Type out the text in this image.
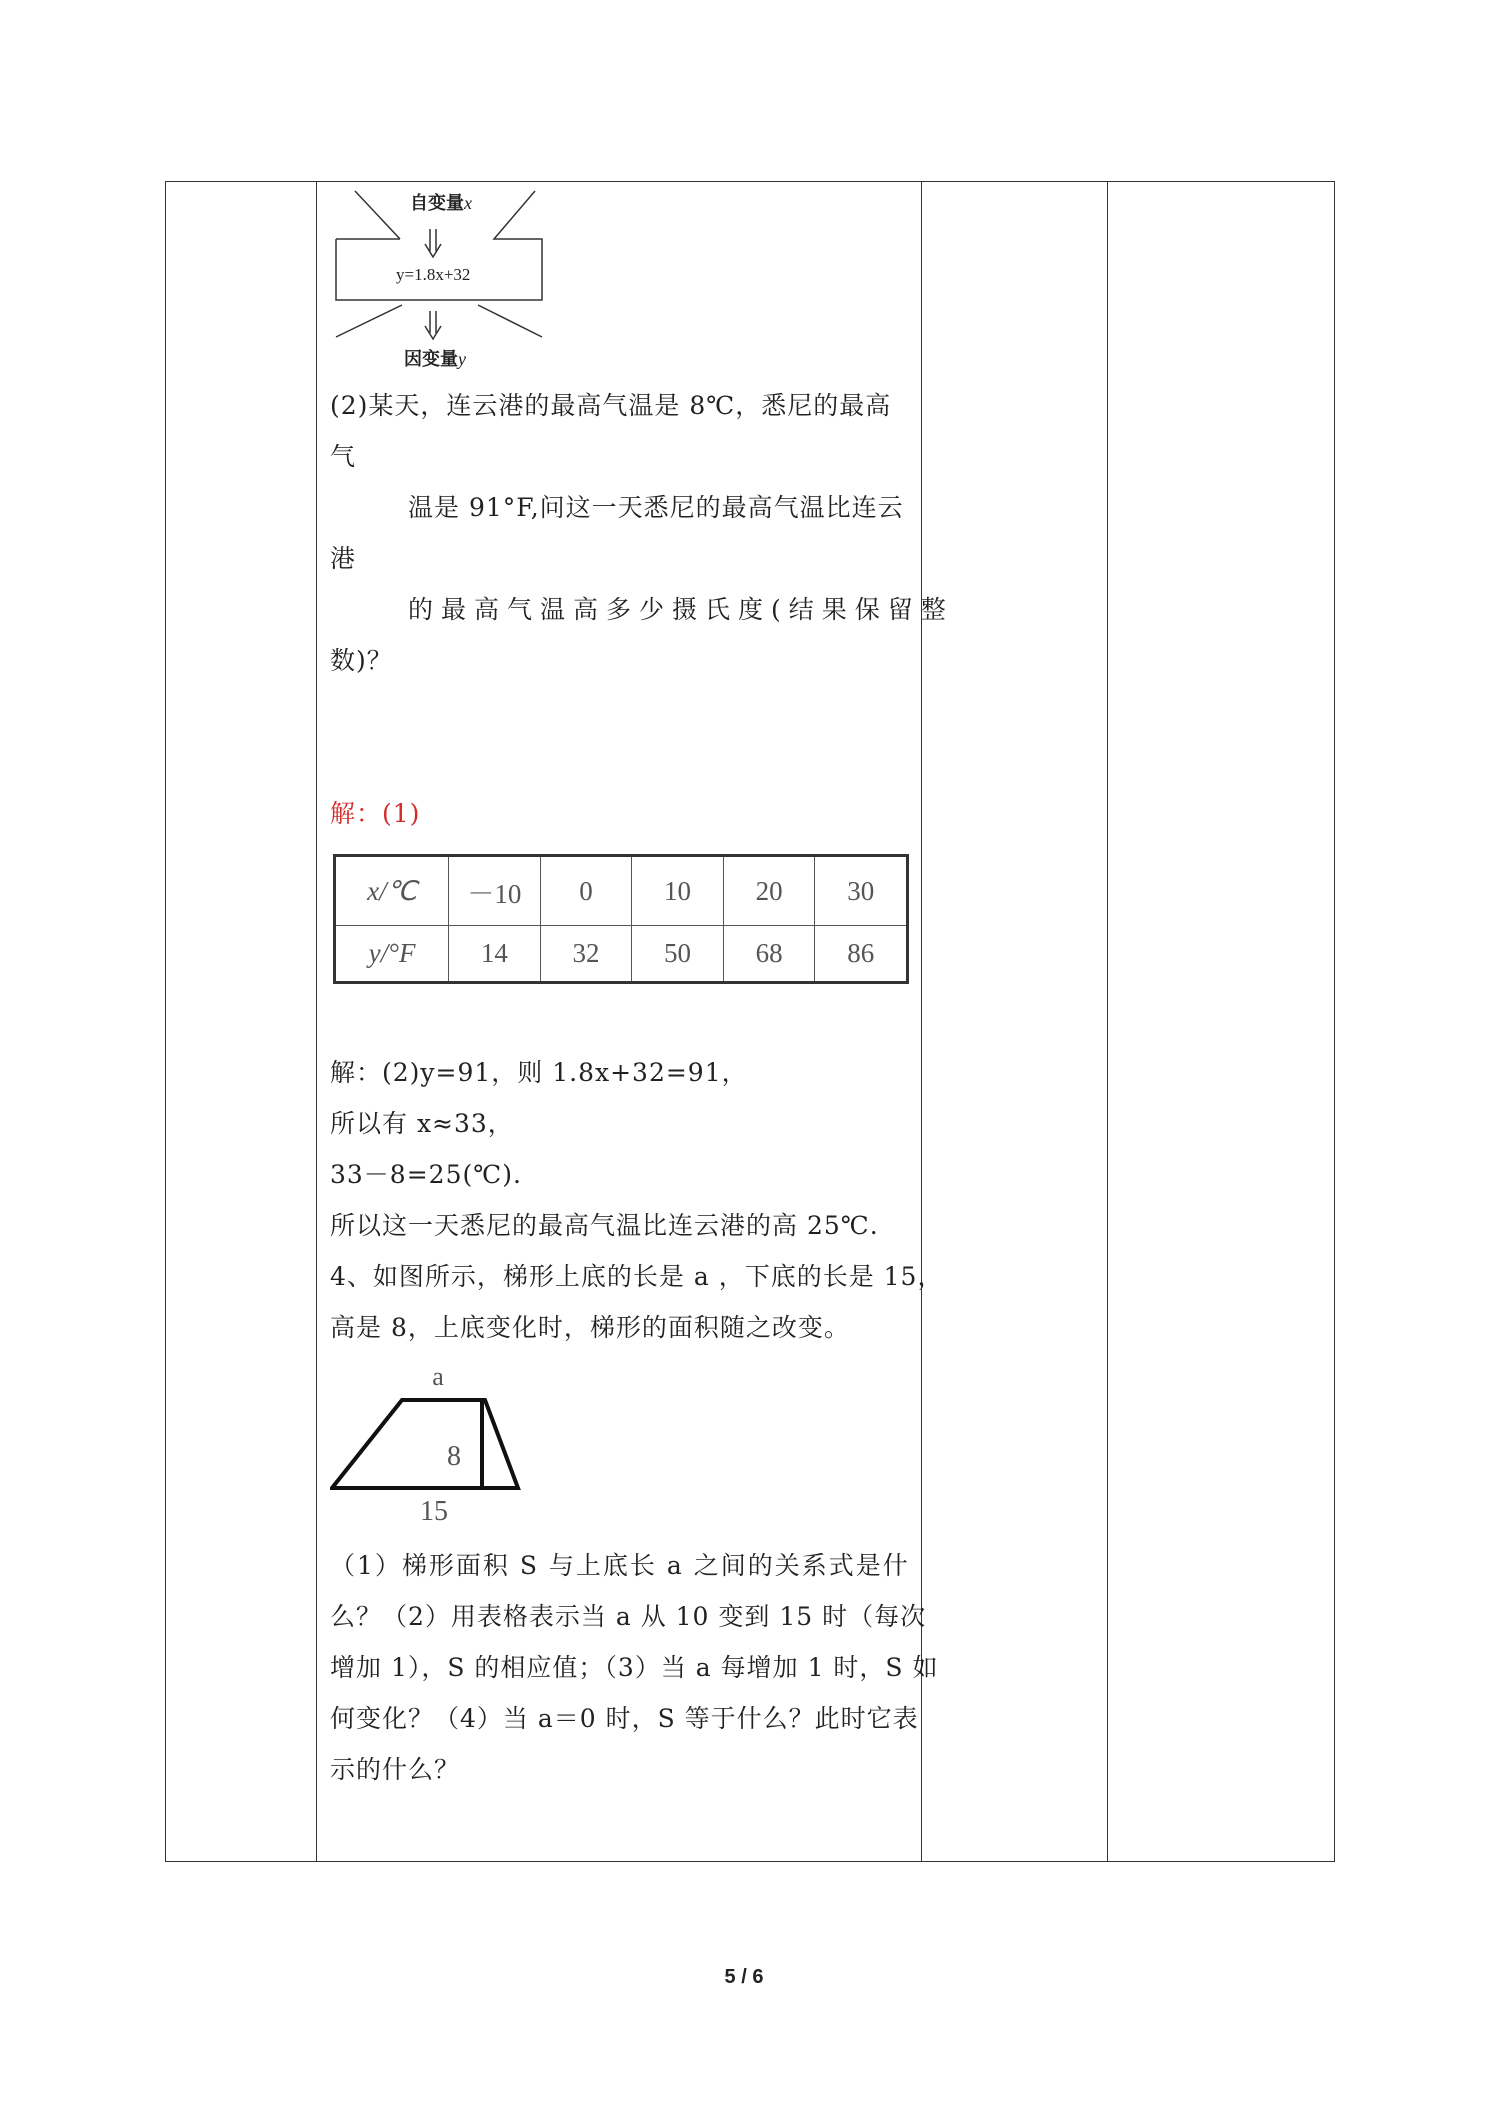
自变量x
y=1.8x+32
因变量y
(2)某天，连云港的最高气温是 8℃，悉尼的最高
气
温是 91°F,问这一天悉尼的最高气温比连云
港
的最高气温高多少摄氏度(结果保留整
数)？
解：(1)
x/℃	－10	0	10	20	30
y/°F	14	32	50	68	86
解：(2)y=91，则 1.8x+32=91，
所以有 x≈33，
33－8=25(℃).
所以这一天悉尼的最高气温比连云港的高 25℃.
4、如图所示，梯形上底的长是 a ，下底的长是 15，
高是 8，上底变化时，梯形的面积随之改变。
a
8
15
（1）梯形面积 S 与上底长 a 之间的关系式是什
么？（2）用表格表示当 a 从 10 变到 15 时（每次
增加 1），S 的相应值；（3）当 a 每增加 1 时，S 如
何变化？（4）当 a＝0 时，S 等于什么？此时它表
示的什么？
5 / 6
